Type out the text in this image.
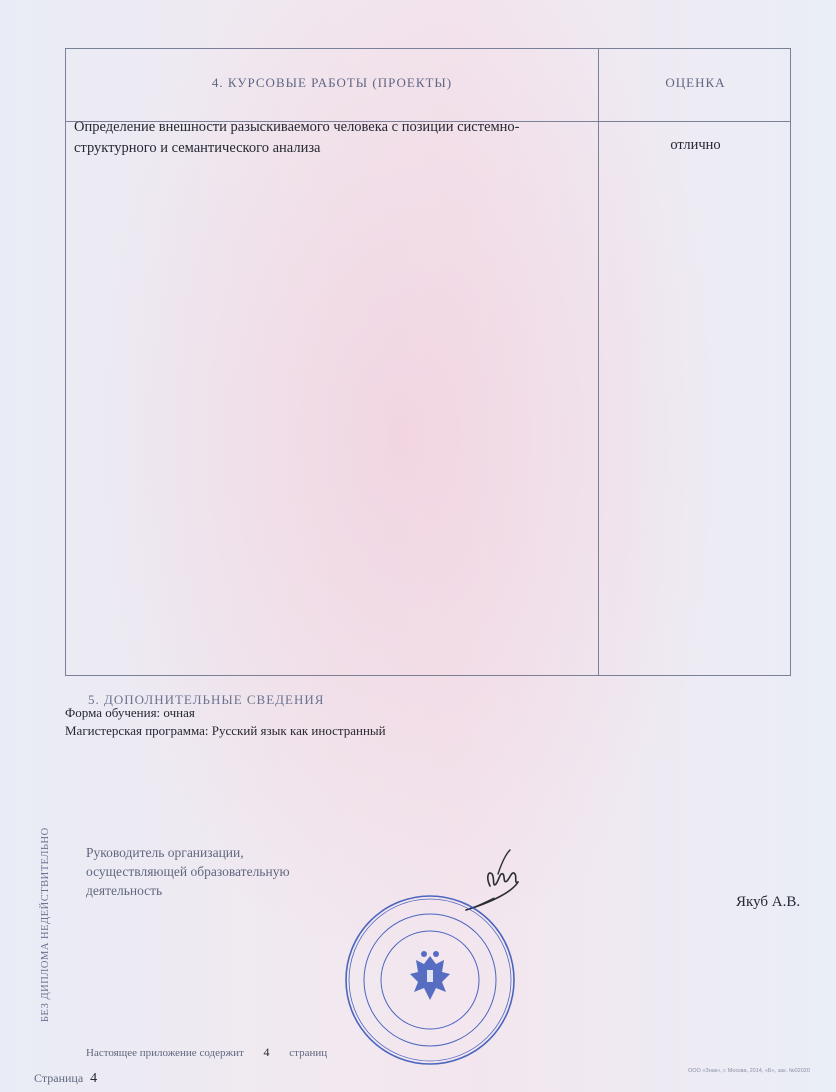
4. КУРСОВЫЕ РАБОТЫ (ПРОЕКТЫ)	ОЦЕНКА
Определение внешности разыскиваемого человека с позиции системно-структурного и семантического анализа	отлично
5. ДОПОЛНИТЕЛЬНЫЕ СВЕДЕНИЯ
Форма обучения: очная
Магистерская программа: Русский язык как иностранный
Руководитель организации,
осуществляющей образовательную
деятельность
Якуб А.В.
БЕЗ ДИПЛОМА НЕДЕЙСТВИТЕЛЬНО
Настоящее приложение содержит 4 страниц
Страница 4	ООО «Знак», г. Москва, 2014, «Б», зак. №02020
